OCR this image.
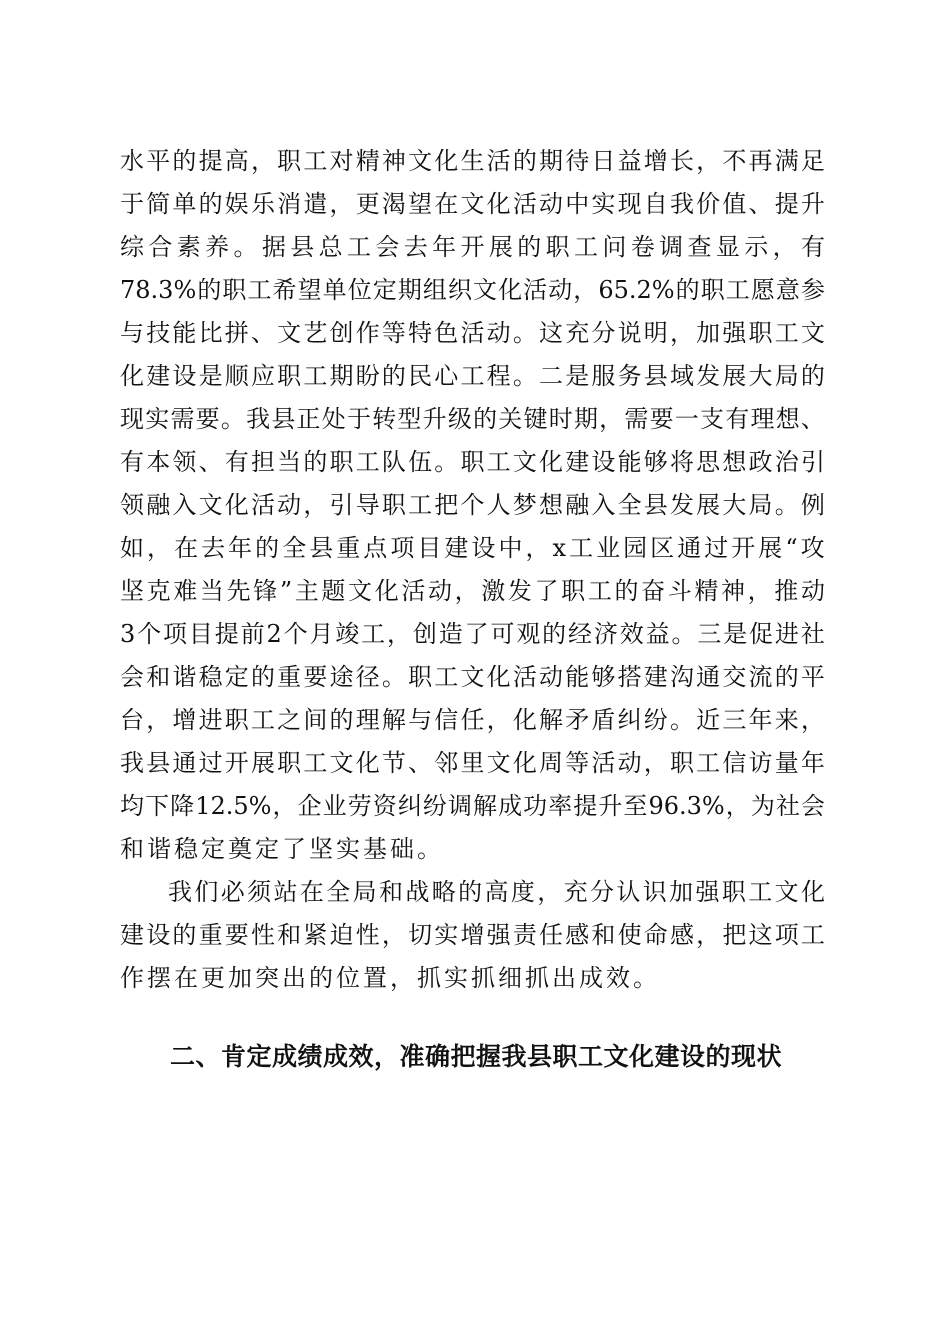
水 平 的 提 高 ， 职 工 对 精 神 文 化 生 活 的 期 待 日 益 增 长 ， 不 再 满 足
于 简 单 的 娱 乐 消 遣 ， 更 渴 望 在 文 化 活 动 中 实 现 自 我 价 值 、 提 升
综 合 素 养 。 据 县 总 工 会 去 年 开 展 的 职 工 问 卷 调 查 显 示 ， 有
78.3% 的 职 工 希 望 单 位 定 期 组 织 文 化 活 动 ， 65.2% 的 职 工 愿 意 参
与 技 能 比 拼 、 文 艺 创 作 等 特 色 活 动 。 这 充 分 说 明 ， 加 强 职 工 文
化 建 设 是 顺 应 职 工 期 盼 的 民 心 工 程 。 二 是 服 务 县 域 发 展 大 局 的
现 实 需 要 。 我 县 正 处 于 转 型 升 级 的 关 键 时 期 ， 需 要 一 支 有 理 想 、
有 本 领 、 有 担 当 的 职 工 队 伍 。 职 工 文 化 建 设 能 够 将 思 想 政 治 引
领 融 入 文 化 活 动 ， 引 导 职 工 把 个 人 梦 想 融 入 全 县 发 展 大 局 。 例
如 ， 在 去 年 的 全 县 重 点 项 目 建 设 中 ， x 工 业 园 区 通 过 开 展 “ 攻
坚 克 难 当 先 锋 ” 主 题 文 化 活 动 ， 激 发 了 职 工 的 奋 斗 精 神 ， 推 动
3 个 项 目 提 前 2 个 月 竣 工 ， 创 造 了 可 观 的 经 济 效 益 。 三 是 促 进 社
会 和 谐 稳 定 的 重 要 途 径 。 职 工 文 化 活 动 能 够 搭 建 沟 通 交 流 的 平
台 ， 增 进 职 工 之 间 的 理 解 与 信 任 ， 化 解 矛 盾 纠 纷 。 近 三 年 来 ，
我 县 通 过 开 展 职 工 文 化 节 、 邻 里 文 化 周 等 活 动 ， 职 工 信 访 量 年
均 下 降 12.5% ， 企 业 劳 资 纠 纷 调 解 成 功 率 提 升 至 96.3% ， 为 社 会
和 谐 稳 定 奠 定 了 坚 实 基 础 。
我 们 必 须 站 在 全 局 和 战 略 的 高 度 ， 充 分 认 识 加 强 职 工 文 化
建 设 的 重 要 性 和 紧 迫 性 ， 切 实 增 强 责 任 感 和 使 命 感 ， 把 这 项 工
作 摆 在 更 加 突 出 的 位 置 ， 抓 实 抓 细 抓 出 成 效 。
二、肯定成绩成效，准确把握我县职工文化建设的现状
